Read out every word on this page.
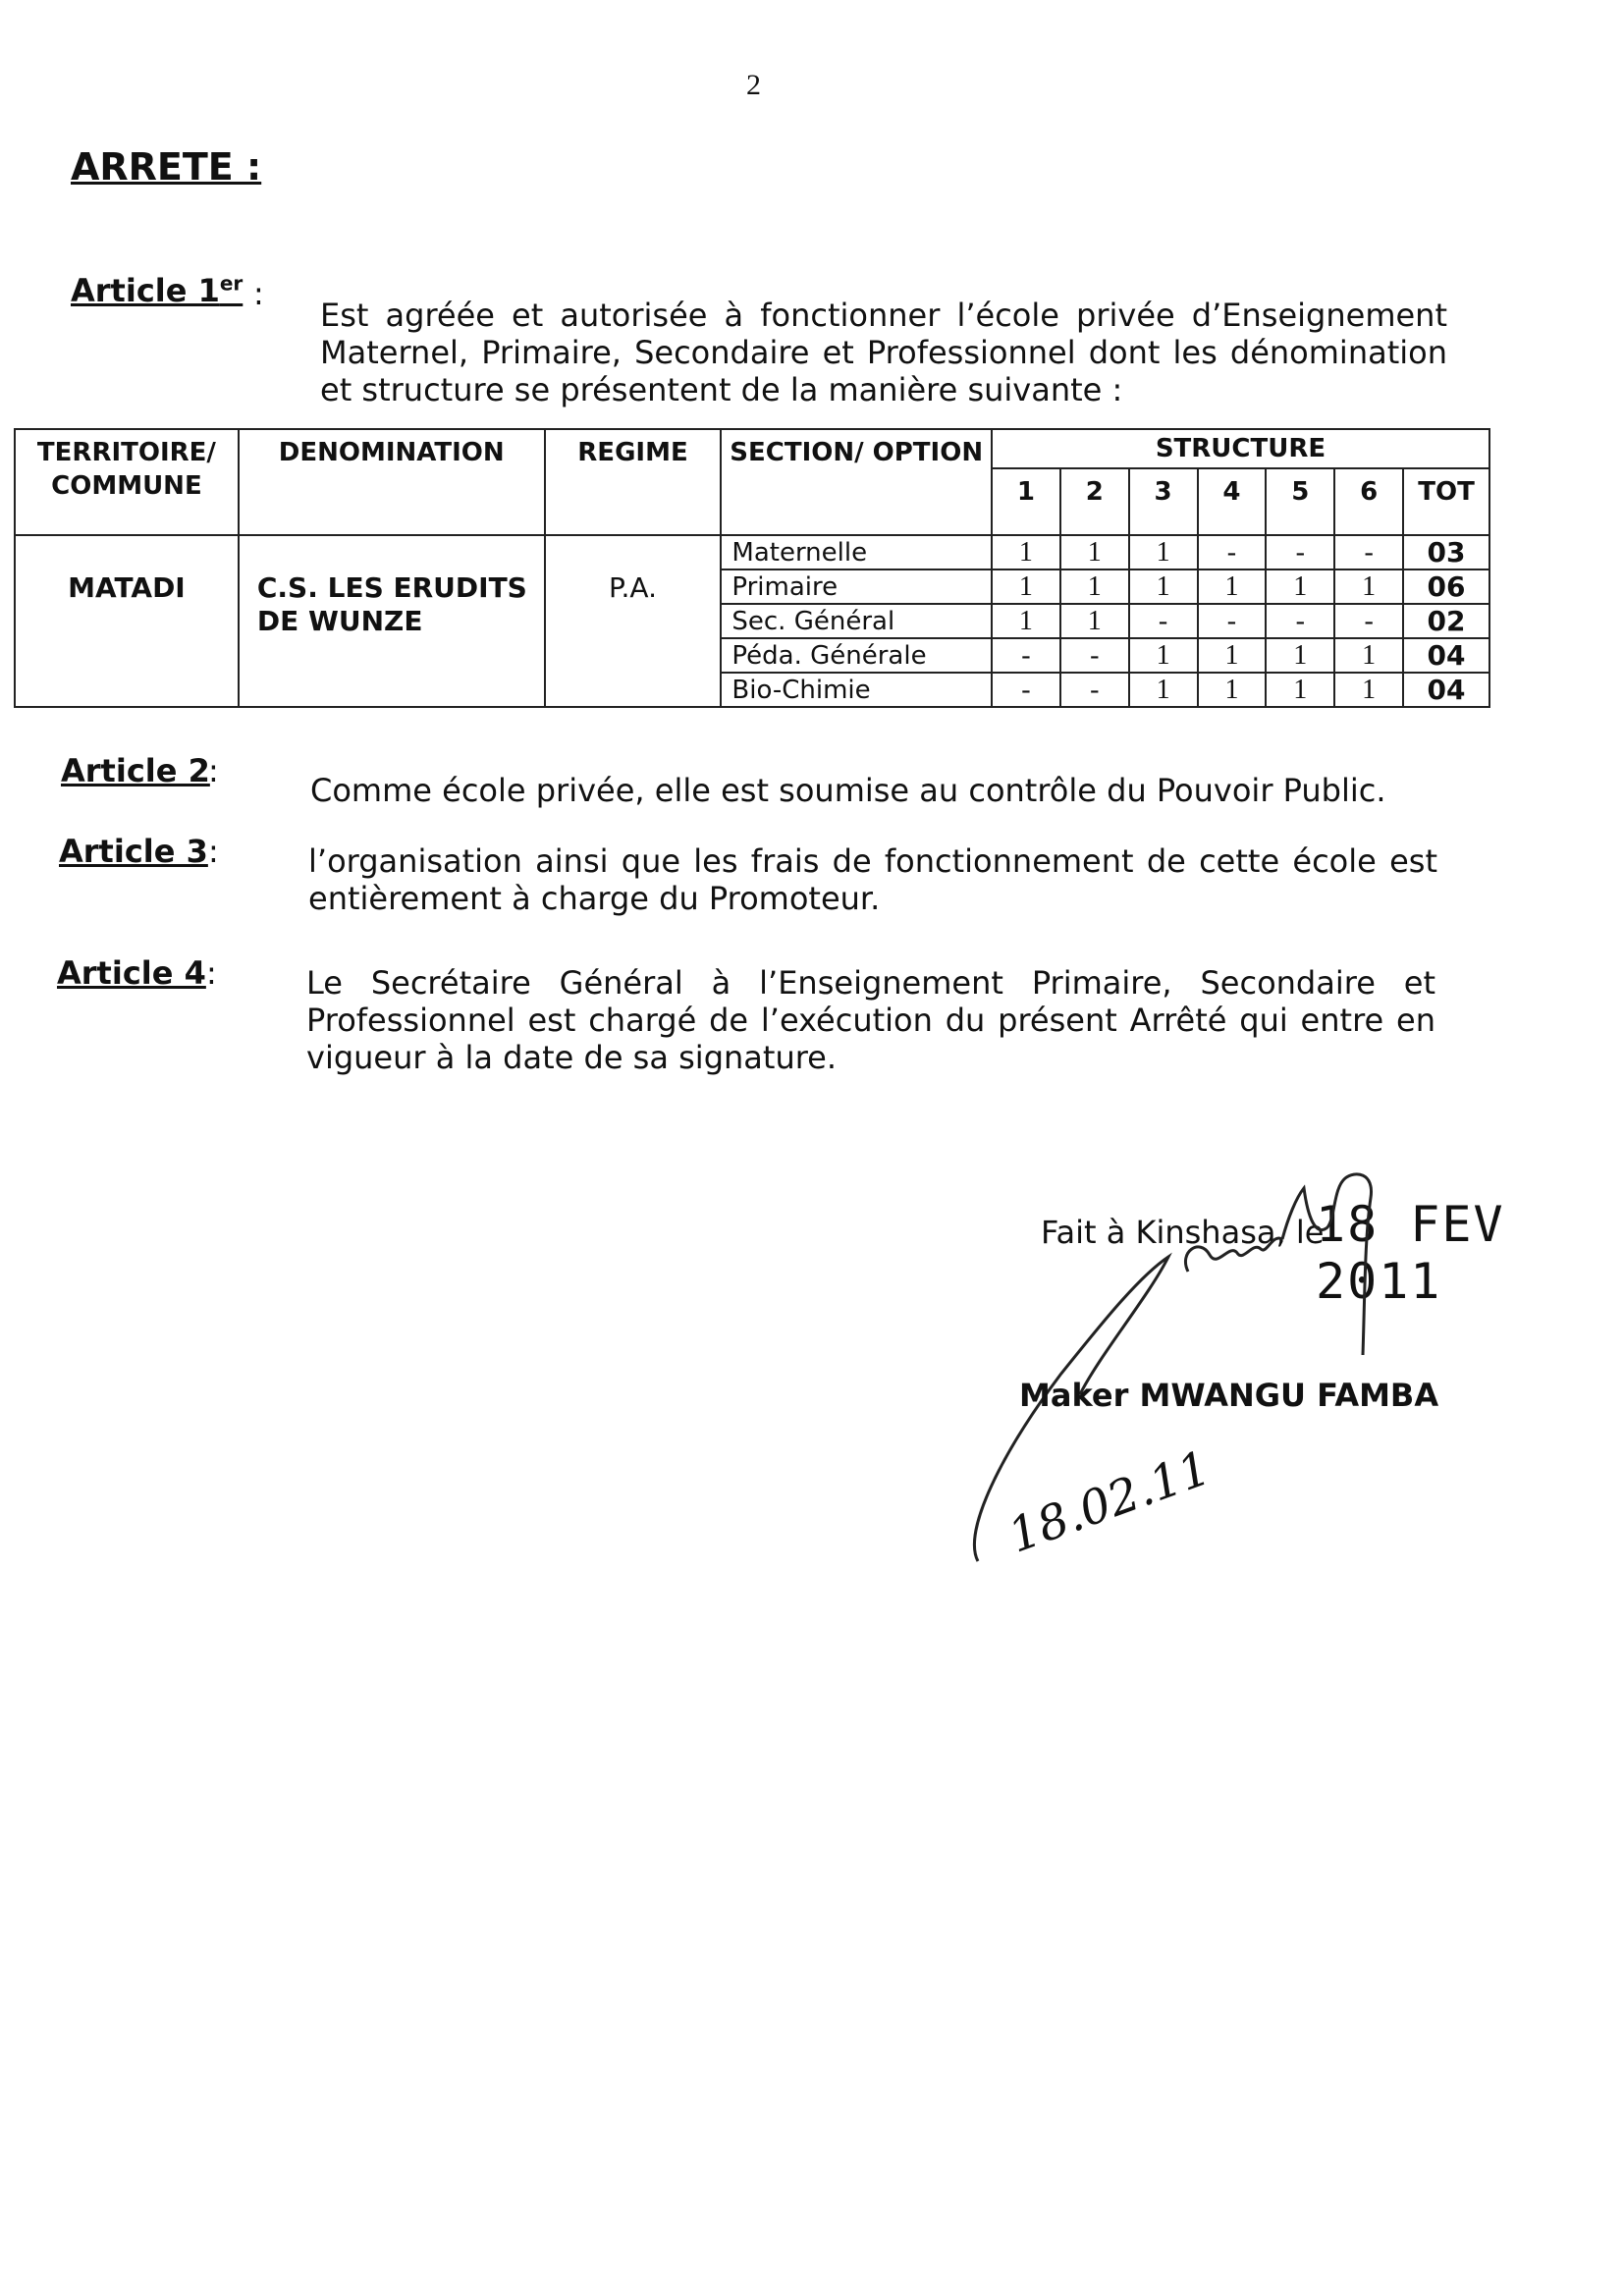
2
ARRETE :
Article 1er :
Est agréée et autorisée à fonctionner l’école privée d’Enseignement Maternel, Primaire, Secondaire et Professionnel dont les dénomination et structure se présentent de la manière suivante :
TERRITOIRE/ COMMUNE	DENOMINATION	REGIME	SECTION/ OPTION	STRUCTURE						
				1	2	3	4	5	6	TOT
MATADI	C.S. LES ERUDITS DE WUNZE	P.A.	Maternelle	1	1	1	-	-	-	03
			Primaire	1	1	1	1	1	1	06
			Sec. Général	1	1	-	-	-	-	02
			Péda. Générale	-	-	1	1	1	1	04
			Bio-Chimie	-	-	1	1	1	1	04
Article 2
:
Comme école privée, elle est soumise au contrôle du Pouvoir Public.
Article 3 :	l’organisation ainsi que les frais de fonctionnement de cette école est entièrement à charge du Promoteur.
Article 4 :	Le Secrétaire Général à l’Enseignement Primaire, Secondaire et Professionnel est chargé de l’exécution du présent Arrêté qui entre en vigueur à la date de sa signature.
Fait à Kinshasa, le
18 FEV 2011
Maker MWANGU FAMBA
18.02.11
